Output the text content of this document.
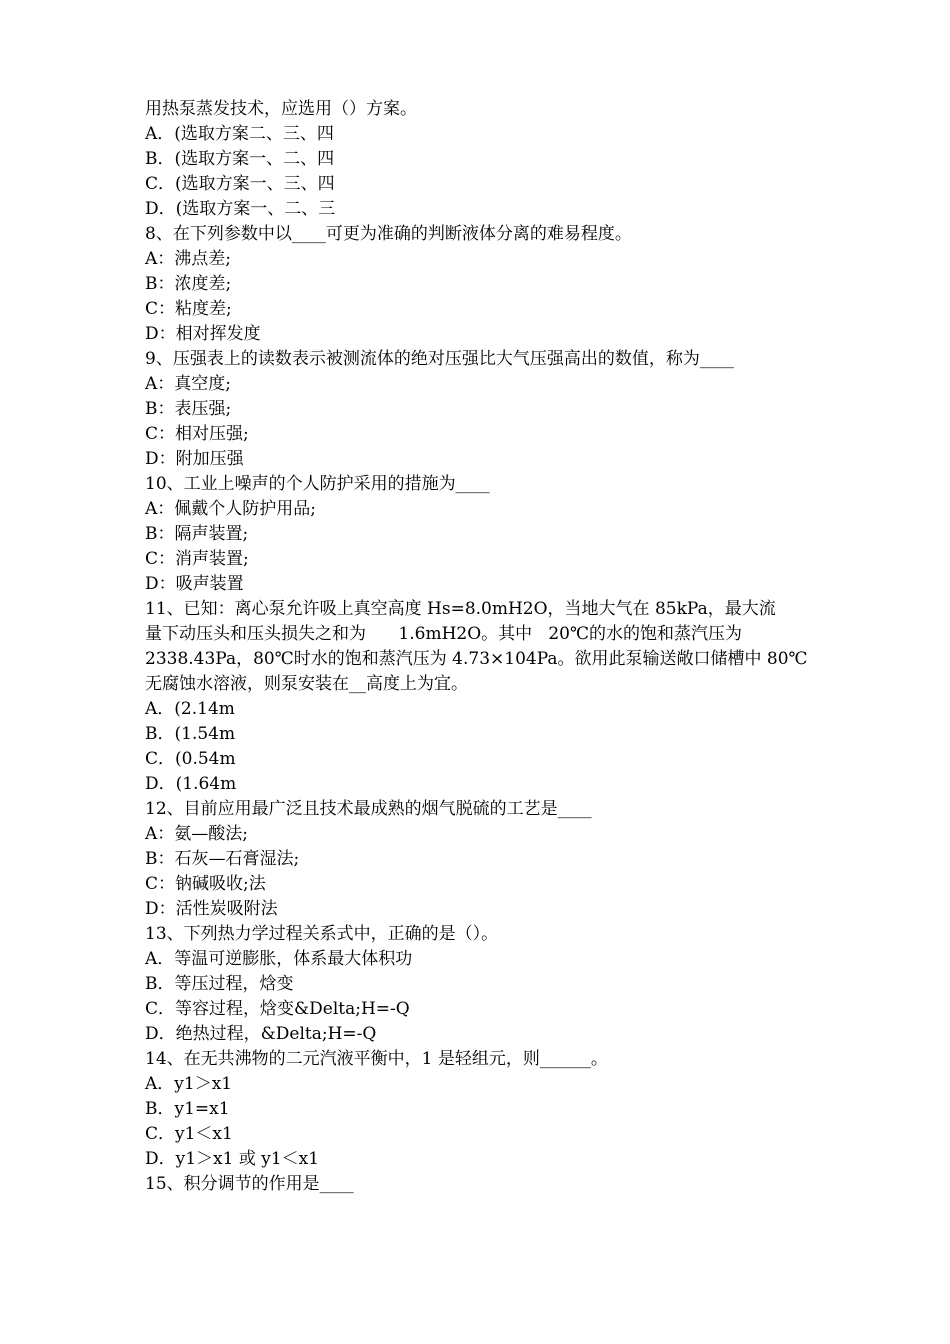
用热泵蒸发技术，应选用（）方案。
A．(选取方案二、三、四
B．(选取方案一、二、四
C．(选取方案一、三、四
D．(选取方案一、二、三
8、在下列参数中以____可更为准确的判断液体分离的难易程度。
A：沸点差;
B：浓度差;
C：粘度差;
D：相对挥发度
9、压强表上的读数表示被测流体的绝对压强比大气压强高出的数值，称为____
A：真空度;
B：表压强;
C：相对压强;
D：附加压强
10、工业上噪声的个人防护采用的措施为____
A：佩戴个人防护用品;
B：隔声装置;
C：消声装置;
D：吸声装置
11、已知：离心泵允许吸上真空高度 Hs=8.0mH2O，当地大气在 85kPa，最大流
量下动压头和压头损失之和为      1.6mH2O。其中   20℃的水的饱和蒸汽压为
2338.43Pa，80℃时水的饱和蒸汽压为 4.73×104Pa。欲用此泵输送敞口储槽中 80℃
无腐蚀水溶液，则泵安装在__高度上为宜。
A．(2.14m
B．(1.54m
C．(0.54m
D．(1.64m
12、目前应用最广泛且技术最成熟的烟气脱硫的工艺是____
A：氨—酸法;
B：石灰—石膏湿法;
C：钠碱吸收;法
D：活性炭吸附法
13、下列热力学过程关系式中，正确的是（）。
A．等温可逆膨胀，体系最大体积功
B．等压过程，焓变
C．等容过程，焓变&Delta;H=-Q
D．绝热过程，&Delta;H=-Q
14、在无共沸物的二元汽液平衡中，1 是轻组元，则______。
A．y1＞x1
B．y1=x1
C．y1＜x1
D．y1＞x1 或 y1＜x1
15、积分调节的作用是____
